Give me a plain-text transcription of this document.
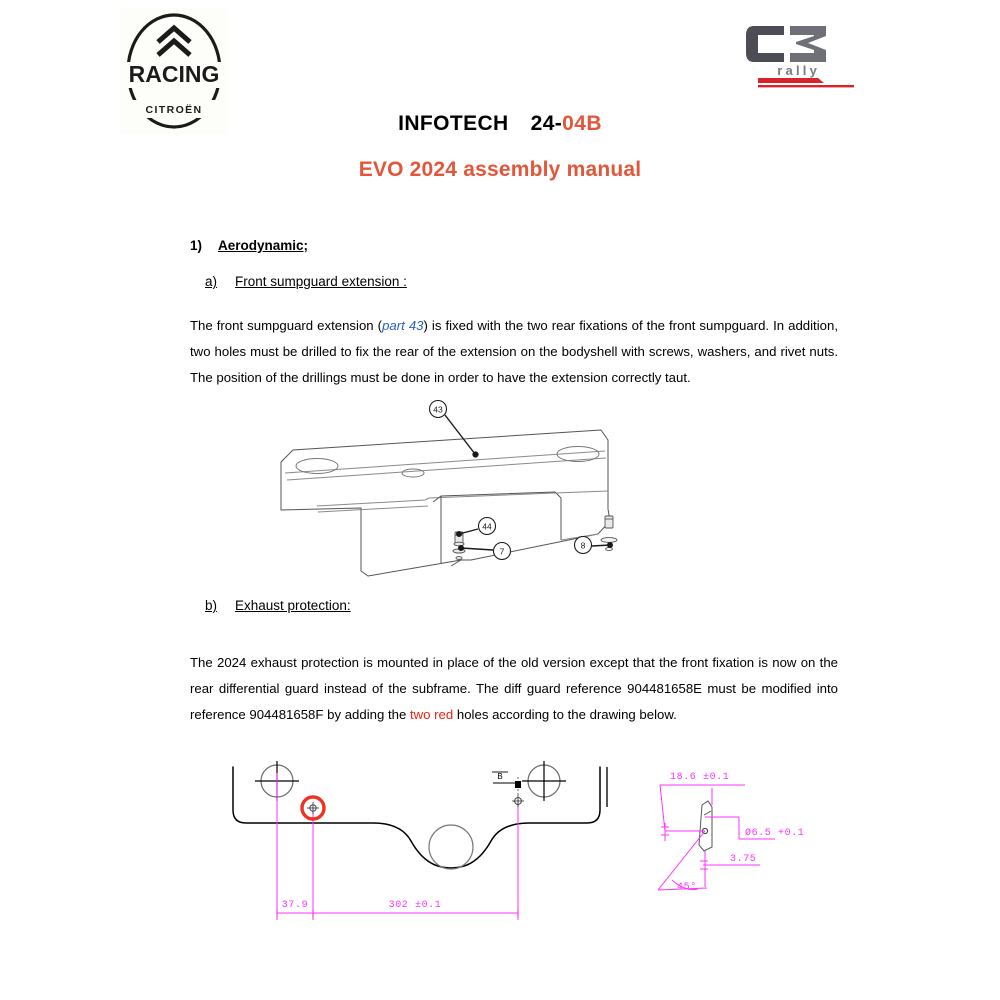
RACING
CITROËN
rally
INFOTECH 24-04B
EVO 2024 assembly manual
1) Aerodynamic;
a) Front sumpguard extension :
The front sumpguard extension (part 43) is fixed with the two rear fixations of the front sumpguard. In addition, two holes must be drilled to fix the rear of the extension on the bodyshell with screws, washers, and rivet nuts. The position of the drillings must be done in order to have the extension correctly taut.
43
44
7
8
b) Exhaust protection:
The 2024 exhaust protection is mounted in place of the old version except that the front fixation is now on the rear differential guard instead of the subframe. The diff guard reference 904481658E must be modified into reference 904481658F by adding the two red holes according to the drawing below.
B
37.9	302 ±0.1
18.6 ±0.1
Ø6.5 +0.1
3.75
45°
